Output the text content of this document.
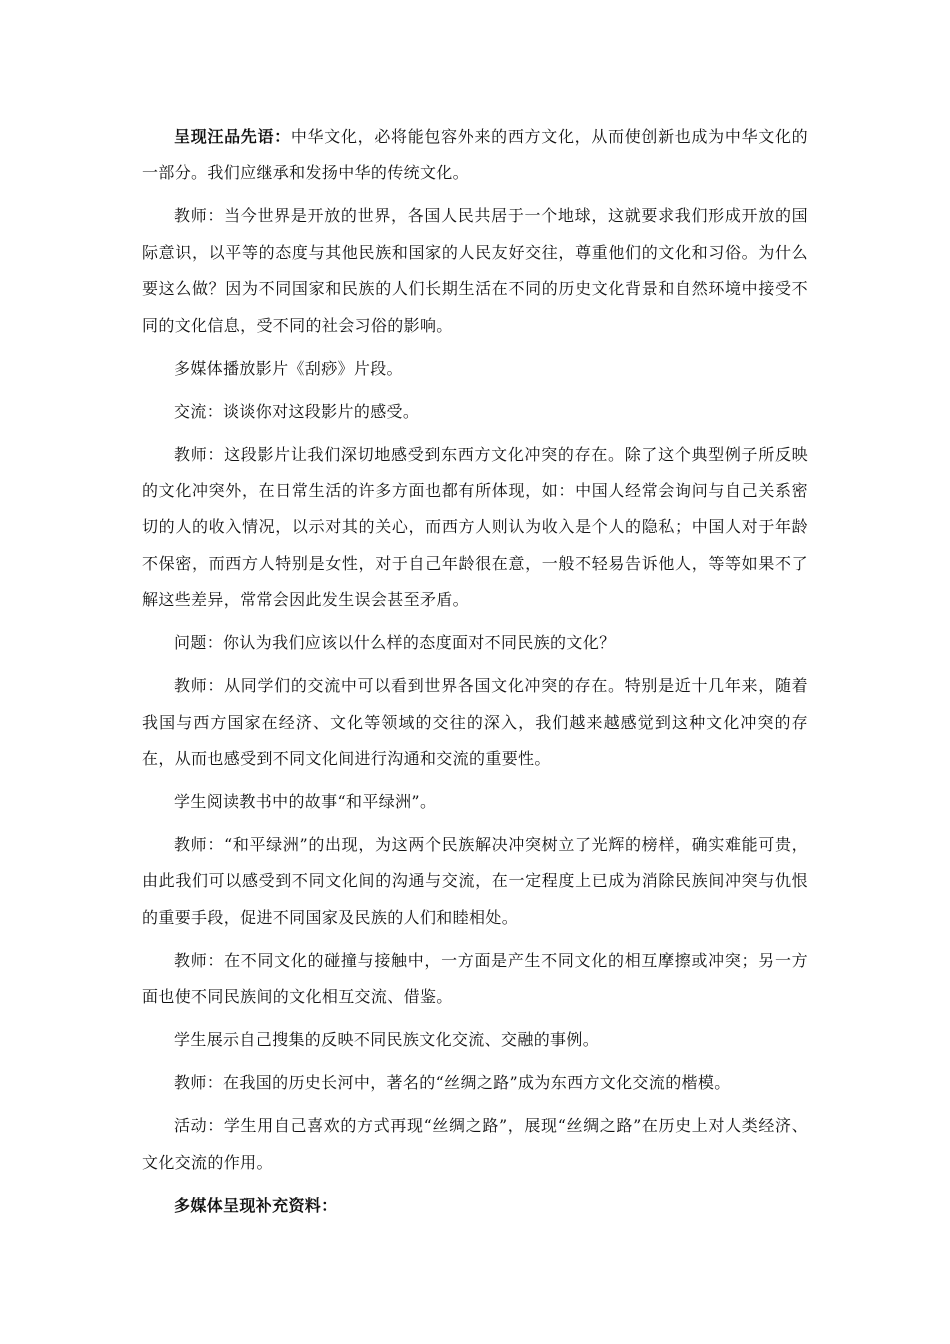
呈现汪品先语：中华文化，必将能包容外来的西方文化，从而使创新也成为中华文化的一部分。我们应继承和发扬中华的传统文化。

教师：当今世界是开放的世界，各国人民共居于一个地球，这就要求我们形成开放的国际意识，以平等的态度与其他民族和国家的人民友好交往，尊重他们的文化和习俗。为什么要这么做？因为不同国家和民族的人们长期生活在不同的历史文化背景和自然环境中接受不同的文化信息，受不同的社会习俗的影响。

多媒体播放影片《刮痧》片段。

交流：谈谈你对这段影片的感受。

教师：这段影片让我们深切地感受到东西方文化冲突的存在。除了这个典型例子所反映的文化冲突外，在日常生活的许多方面也都有所体现，如：中国人经常会询问与自己关系密切的人的收入情况，以示对其的关心，而西方人则认为收入是个人的隐私；中国人对于年龄不保密，而西方人特别是女性，对于自己年龄很在意，一般不轻易告诉他人，等等如果不了解这些差异，常常会因此发生误会甚至矛盾。

问题：你认为我们应该以什么样的态度面对不同民族的文化？

教师：从同学们的交流中可以看到世界各国文化冲突的存在。特别是近十几年来，随着我国与西方国家在经济、文化等领域的交往的深入，我们越来越感觉到这种文化冲突的存在，从而也感受到不同文化间进行沟通和交流的重要性。

学生阅读教书中的故事“和平绿洲”。

教师：“和平绿洲”的出现，为这两个民族解决冲突树立了光辉的榜样，确实难能可贵，由此我们可以感受到不同文化间的沟通与交流，在一定程度上已成为消除民族间冲突与仇恨的重要手段，促进不同国家及民族的人们和睦相处。

教师：在不同文化的碰撞与接触中，一方面是产生不同文化的相互摩擦或冲突；另一方面也使不同民族间的文化相互交流、借鉴。

学生展示自己搜集的反映不同民族文化交流、交融的事例。

教师：在我国的历史长河中，著名的“丝绸之路”成为东西方文化交流的楷模。

活动：学生用自己喜欢的方式再现“丝绸之路”，展现“丝绸之路”在历史上对人类经济、文化交流的作用。

多媒体呈现补充资料：
